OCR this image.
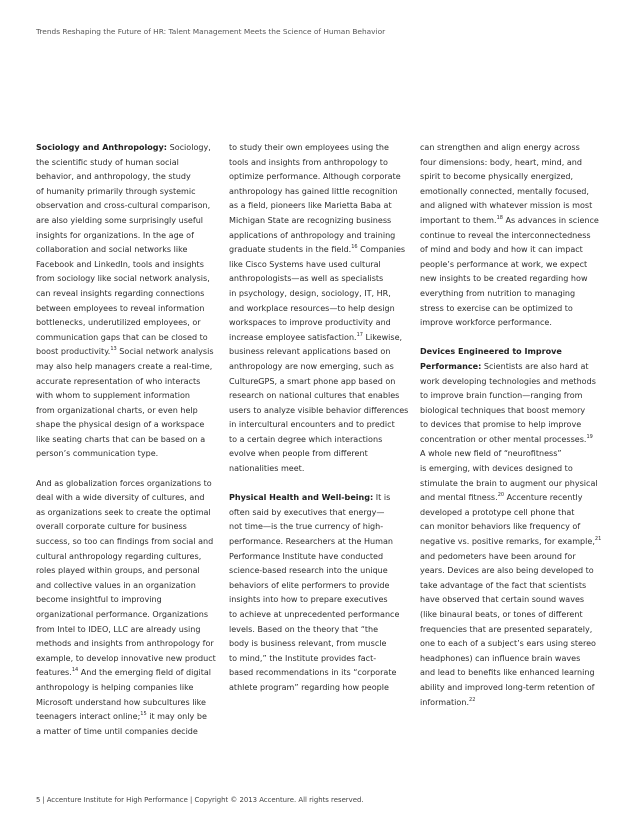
Trends Reshaping the Future of HR: Talent Management Meets the Science of Human Behavior
Sociology and Anthropology: Sociology,
the scientific study of human social
behavior, and anthropology, the study
of humanity primarily through systemic
observation and cross-cultural comparison,
are also yielding some surprisingly useful
insights for organizations. In the age of
collaboration and social networks like
Facebook and LinkedIn, tools and insights
from sociology like social network analysis,
can reveal insights regarding connections
between employees to reveal information
bottlenecks, underutilized employees, or
communication gaps that can be closed to
boost productivity.$^{13}$ Social network analysis
may also help managers create a real-time,
accurate representation of who interacts
with whom to supplement information
from organizational charts, or even help
shape the physical design of a workspace
like seating charts that can be based on a
person’s communication type.
And as globalization forces organizations to
deal with a wide diversity of cultures, and
as organizations seek to create the optimal
overall corporate culture for business
success, so too can findings from social and
cultural anthropology regarding cultures,
roles played within groups, and personal
and collective values in an organization
become insightful to improving
organizational performance. Organizations
from Intel to IDEO, LLC are already using
methods and insights from anthropology for
example, to develop innovative new product
features.$^{14}$ And the emerging field of digital
anthropology is helping companies like
Microsoft understand how subcultures like
teenagers interact online;$^{15}$ it may only be
a matter of time until companies decide
to study their own employees using the
tools and insights from anthropology to
optimize performance. Although corporate
anthropology has gained little recognition
as a field, pioneers like Marietta Baba at
Michigan State are recognizing business
applications of anthropology and training
graduate students in the field.$^{16}$ Companies
like Cisco Systems have used cultural
anthropologists—as well as specialists
in psychology, design, sociology, IT, HR,
and workplace resources—to help design
workspaces to improve productivity and
increase employee satisfaction.$^{17}$ Likewise,
business relevant applications based on
anthropology are now emerging, such as
CultureGPS, a smart phone app based on
research on national cultures that enables
users to analyze visible behavior differences
in intercultural encounters and to predict
to a certain degree which interactions
evolve when people from different
nationalities meet.
Physical Health and Well-being: It is
often said by executives that energy—
not time—is the true currency of high-
performance. Researchers at the Human
Performance Institute have conducted
science-based research into the unique
behaviors of elite performers to provide
insights into how to prepare executives
to achieve at unprecedented performance
levels. Based on the theory that “the
body is business relevant, from muscle
to mind,” the Institute provides fact-
based recommendations in its “corporate
athlete program” regarding how people
can strengthen and align energy across
four dimensions: body, heart, mind, and
spirit to become physically energized,
emotionally connected, mentally focused,
and aligned with whatever mission is most
important to them.$^{18}$ As advances in science
continue to reveal the interconnectedness
of mind and body and how it can impact
people’s performance at work, we expect
new insights to be created regarding how
everything from nutrition to managing
stress to exercise can be optimized to
improve workforce performance.
Devices Engineered to Improve
Performance: Scientists are also hard at
work developing technologies and methods
to improve brain function—ranging from
biological techniques that boost memory
to devices that promise to help improve
concentration or other mental processes.$^{19}$
A whole new field of “neurofitness”
is emerging, with devices designed to
stimulate the brain to augment our physical
and mental fitness.$^{20}$ Accenture recently
developed a prototype cell phone that
can monitor behaviors like frequency of
negative vs. positive remarks, for example,$^{21}$
and pedometers have been around for
years. Devices are also being developed to
take advantage of the fact that scientists
have observed that certain sound waves
(like binaural beats, or tones of different
frequencies that are presented separately,
one to each of a subject’s ears using stereo
headphones) can influence brain waves
and lead to benefits like enhanced learning
ability and improved long-term retention of
information.$^{22}$
5 | Accenture Institute for High Performance | Copyright © 2013 Accenture. All rights reserved.
